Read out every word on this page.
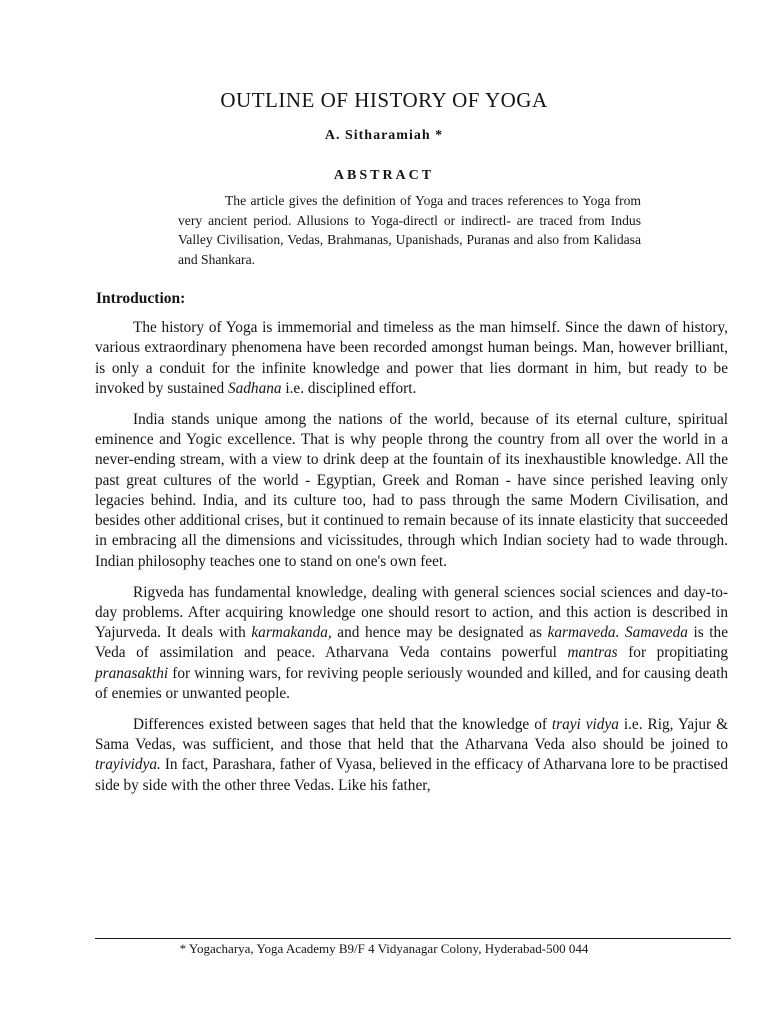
OUTLINE OF HISTORY OF YOGA
A. Sitharamiah *
ABSTRACT

The article gives the definition of Yoga and traces references to Yoga from very ancient period. Allusions to Yoga-directl or indirectl- are traced from Indus Valley Civilisation, Vedas, Brahmanas, Upanishads, Puranas and also from Kalidasa and Shankara.

Introduction:

The history of Yoga is immemorial and timeless as the man himself. Since the dawn of history, various extraordinary phenomena have been recorded amongst human beings. Man, however brilliant, is only a conduit for the infinite knowledge and power that lies dormant in him, but ready to be invoked by sustained Sadhana i.e. disciplined effort.

India stands unique among the nations of the world, because of its eternal culture, spiritual eminence and Yogic excellence. That is why people throng the country from all over the world in a never-ending stream, with a view to drink deep at the fountain of its inexhaustible knowledge. All the past great cultures of the world - Egyptian, Greek and Roman - have since perished leaving only legacies behind. India, and its culture too, had to pass through the same Modern Civilisation, and besides other additional crises, but it continued to remain because of its innate elasticity that succeeded in embracing all the dimensions and vicissitudes, through which Indian society had to wade through. Indian philosophy teaches one to stand on one's own feet.

Rigveda has fundamental knowledge, dealing with general sciences social sciences and day-to-day problems. After acquiring knowledge one should resort to action, and this action is described in Yajurveda. It deals with karmakanda, and hence may be designated as karmaveda. Samaveda is the Veda of assimilation and peace. Atharvana Veda contains powerful mantras for propitiating pranasakthi for winning wars, for reviving people seriously wounded and killed, and for causing death of enemies or unwanted people.

Differences existed between sages that held that the knowledge of trayi vidya i.e. Rig, Yajur & Sama Vedas, was sufficient, and those that held that the Atharvana Veda also should be joined to trayividya. In fact, Parashara, father of Vyasa, believed in the efficacy of Atharvana lore to be practised side by side with the other three Vedas. Like his father,

* Yogacharya, Yoga Academy B9/F 4 Vidyanagar Colony, Hyderabad-500 044
